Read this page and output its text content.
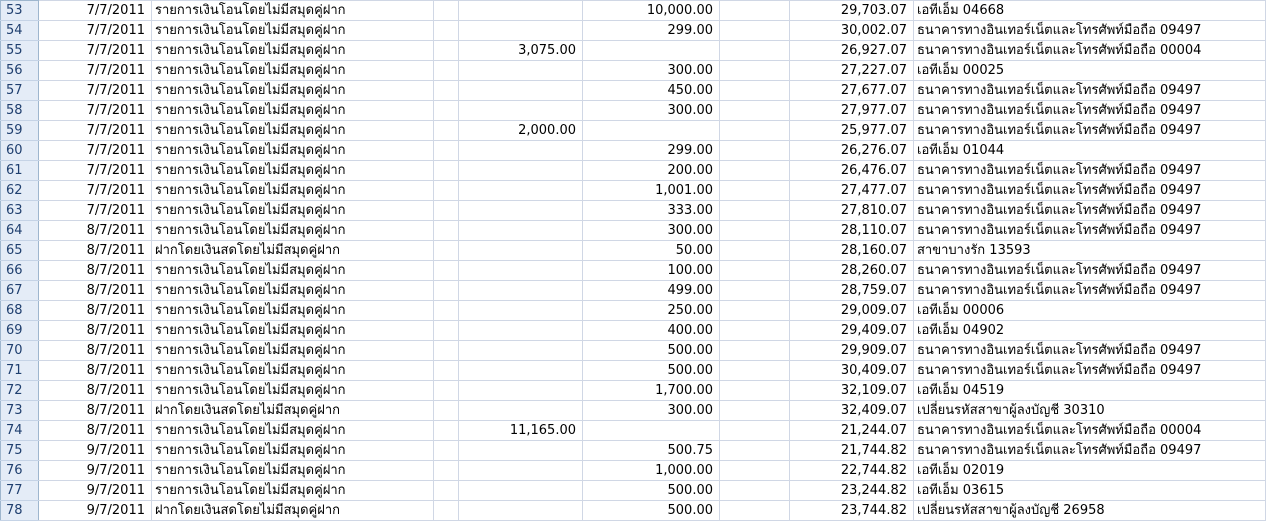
53	7/7/2011	รายการเงินโอนโดยไม่มีสมุดคู่ฝาก			10,000.00		29,703.07	เอทีเอ็ม 04668
54	7/7/2011	รายการเงินโอนโดยไม่มีสมุดคู่ฝาก			299.00		30,002.07	ธนาคารทางอินเทอร์เน็ตและโทรศัพท์มือถือ 09497
55	7/7/2011	รายการเงินโอนโดยไม่มีสมุดคู่ฝาก		3,075.00			26,927.07	ธนาคารทางอินเทอร์เน็ตและโทรศัพท์มือถือ 00004
56	7/7/2011	รายการเงินโอนโดยไม่มีสมุดคู่ฝาก			300.00		27,227.07	เอทีเอ็ม 00025
57	7/7/2011	รายการเงินโอนโดยไม่มีสมุดคู่ฝาก			450.00		27,677.07	ธนาคารทางอินเทอร์เน็ตและโทรศัพท์มือถือ 09497
58	7/7/2011	รายการเงินโอนโดยไม่มีสมุดคู่ฝาก			300.00		27,977.07	ธนาคารทางอินเทอร์เน็ตและโทรศัพท์มือถือ 09497
59	7/7/2011	รายการเงินโอนโดยไม่มีสมุดคู่ฝาก		2,000.00			25,977.07	ธนาคารทางอินเทอร์เน็ตและโทรศัพท์มือถือ 09497
60	7/7/2011	รายการเงินโอนโดยไม่มีสมุดคู่ฝาก			299.00		26,276.07	เอทีเอ็ม 01044
61	7/7/2011	รายการเงินโอนโดยไม่มีสมุดคู่ฝาก			200.00		26,476.07	ธนาคารทางอินเทอร์เน็ตและโทรศัพท์มือถือ 09497
62	7/7/2011	รายการเงินโอนโดยไม่มีสมุดคู่ฝาก			1,001.00		27,477.07	ธนาคารทางอินเทอร์เน็ตและโทรศัพท์มือถือ 09497
63	7/7/2011	รายการเงินโอนโดยไม่มีสมุดคู่ฝาก			333.00		27,810.07	ธนาคารทางอินเทอร์เน็ตและโทรศัพท์มือถือ 09497
64	8/7/2011	รายการเงินโอนโดยไม่มีสมุดคู่ฝาก			300.00		28,110.07	ธนาคารทางอินเทอร์เน็ตและโทรศัพท์มือถือ 09497
65	8/7/2011	ฝากโดยเงินสดโดยไม่มีสมุดคู่ฝาก			50.00		28,160.07	สาขาบางรัก 13593
66	8/7/2011	รายการเงินโอนโดยไม่มีสมุดคู่ฝาก			100.00		28,260.07	ธนาคารทางอินเทอร์เน็ตและโทรศัพท์มือถือ 09497
67	8/7/2011	รายการเงินโอนโดยไม่มีสมุดคู่ฝาก			499.00		28,759.07	ธนาคารทางอินเทอร์เน็ตและโทรศัพท์มือถือ 09497
68	8/7/2011	รายการเงินโอนโดยไม่มีสมุดคู่ฝาก			250.00		29,009.07	เอทีเอ็ม 00006
69	8/7/2011	รายการเงินโอนโดยไม่มีสมุดคู่ฝาก			400.00		29,409.07	เอทีเอ็ม 04902
70	8/7/2011	รายการเงินโอนโดยไม่มีสมุดคู่ฝาก			500.00		29,909.07	ธนาคารทางอินเทอร์เน็ตและโทรศัพท์มือถือ 09497
71	8/7/2011	รายการเงินโอนโดยไม่มีสมุดคู่ฝาก			500.00		30,409.07	ธนาคารทางอินเทอร์เน็ตและโทรศัพท์มือถือ 09497
72	8/7/2011	รายการเงินโอนโดยไม่มีสมุดคู่ฝาก			1,700.00		32,109.07	เอทีเอ็ม 04519
73	8/7/2011	ฝากโดยเงินสดโดยไม่มีสมุดคู่ฝาก			300.00		32,409.07	เปลี่ยนรหัสสาขาผู้ลงบัญชี 30310
74	8/7/2011	รายการเงินโอนโดยไม่มีสมุดคู่ฝาก		11,165.00			21,244.07	ธนาคารทางอินเทอร์เน็ตและโทรศัพท์มือถือ 00004
75	9/7/2011	รายการเงินโอนโดยไม่มีสมุดคู่ฝาก			500.75		21,744.82	ธนาคารทางอินเทอร์เน็ตและโทรศัพท์มือถือ 09497
76	9/7/2011	รายการเงินโอนโดยไม่มีสมุดคู่ฝาก			1,000.00		22,744.82	เอทีเอ็ม 02019
77	9/7/2011	รายการเงินโอนโดยไม่มีสมุดคู่ฝาก			500.00		23,244.82	เอทีเอ็ม 03615
78	9/7/2011	ฝากโดยเงินสดโดยไม่มีสมุดคู่ฝาก			500.00		23,744.82	เปลี่ยนรหัสสาขาผู้ลงบัญชี 26958
